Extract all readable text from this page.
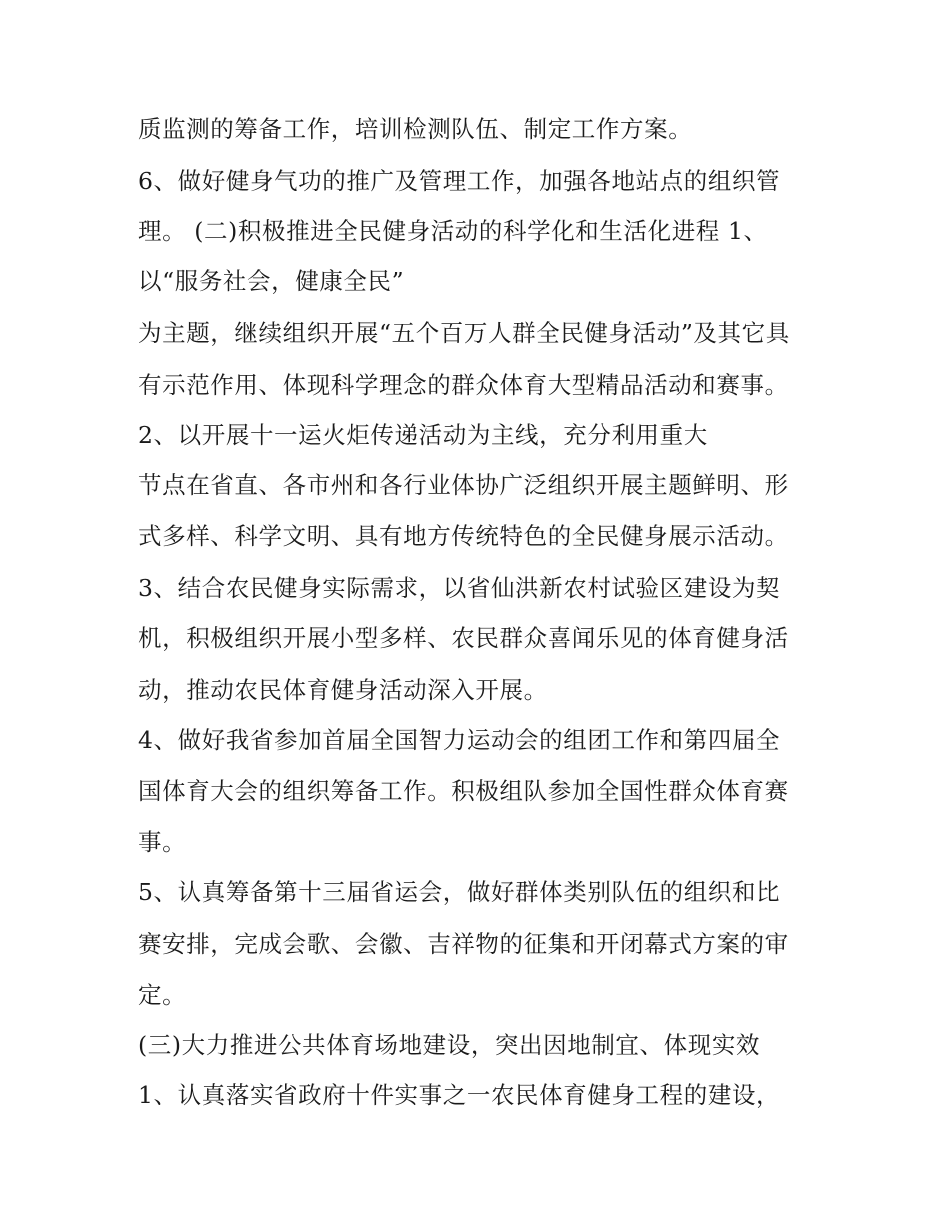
质监测的筹备工作，培训检测队伍、制定工作方案。

6、做好健身气功的推广及管理工作，加强各地站点的组织管

理。 (二)积极推进全民健身活动的科学化和生活化进程 1、

以“服务社会，健康全民”

为主题，继续组织开展“五个百万人群全民健身活动”及其它具

有示范作用、体现科学理念的群众体育大型精品活动和赛事。

2、以开展十一运火炬传递活动为主线，充分利用重大

节点在省直、各市州和各行业体协广泛组织开展主题鲜明、形

式多样、科学文明、具有地方传统特色的全民健身展示活动。

3、结合农民健身实际需求，以省仙洪新农村试验区建设为契

机，积极组织开展小型多样、农民群众喜闻乐见的体育健身活

动，推动农民体育健身活动深入开展。

4、做好我省参加首届全国智力运动会的组团工作和第四届全

国体育大会的组织筹备工作。积极组队参加全国性群众体育赛

事。

5、认真筹备第十三届省运会，做好群体类别队伍的组织和比

赛安排，完成会歌、会徽、吉祥物的征集和开闭幕式方案的审

定。

(三)大力推进公共体育场地建设，突出因地制宜、体现实效

1、认真落实省政府十件实事之一农民体育健身工程的建设，
